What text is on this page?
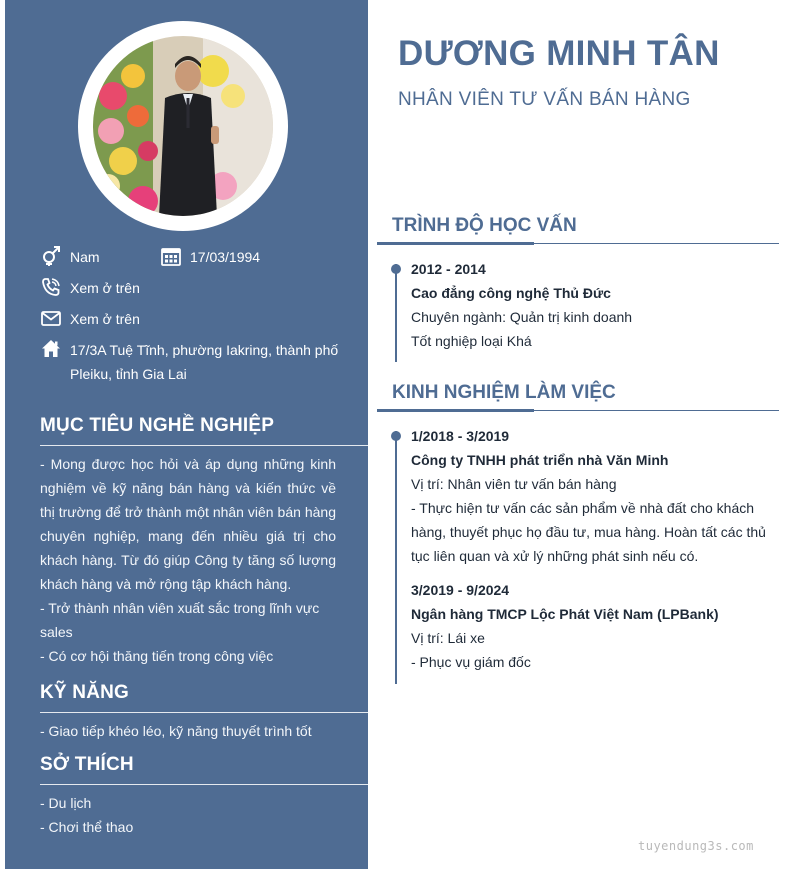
Nam	17/03/1994
Xem ở trên
Xem ở trên
17/3A Tuệ Tĩnh, phường Iakring, thành phố
Pleiku, tỉnh Gia Lai
MỤC TIÊU NGHỀ NGHIỆP

- Mong được học hỏi và áp dụng những kinh nghiệm về kỹ năng bán hàng và kiến thức về thị trường để trở thành một nhân viên bán hàng chuyên nghiệp, mang đến nhiều giá trị cho khách hàng. Từ đó giúp Công ty tăng số lượng khách hàng và mở rộng tập khách hàng.

- Trở thành nhân viên xuất sắc trong lĩnh vực sales

- Có cơ hội thăng tiến trong công việc

KỸ NĂNG

- Giao tiếp khéo léo, kỹ năng thuyết trình tốt

SỞ THÍCH

- Du lịch

- Chơi thể thao

DƯƠNG MINH TÂN
NHÂN VIÊN TƯ VẤN BÁN HÀNG
TRÌNH ĐỘ HỌC VẤN
2012 - 2014
Cao đẳng công nghệ Thủ Đức
Chuyên ngành: Quản trị kinh doanh
Tốt nghiệp loại Khá
KINH NGHIỆM LÀM VIỆC
1/2018 - 3/2019
Công ty TNHH phát triển nhà Văn Minh
Vị trí: Nhân viên tư vấn bán hàng
- Thực hiện tư vấn các sản phẩm về nhà đất cho khách hàng, thuyết phục họ đầu tư, mua hàng. Hoàn tất các thủ tục liên quan và xử lý những phát sinh nếu có.
3/2019 - 9/2024
Ngân hàng TMCP Lộc Phát Việt Nam (LPBank)
Vị trí: Lái xe
- Phục vụ giám đốc
tuyendung3s.com
